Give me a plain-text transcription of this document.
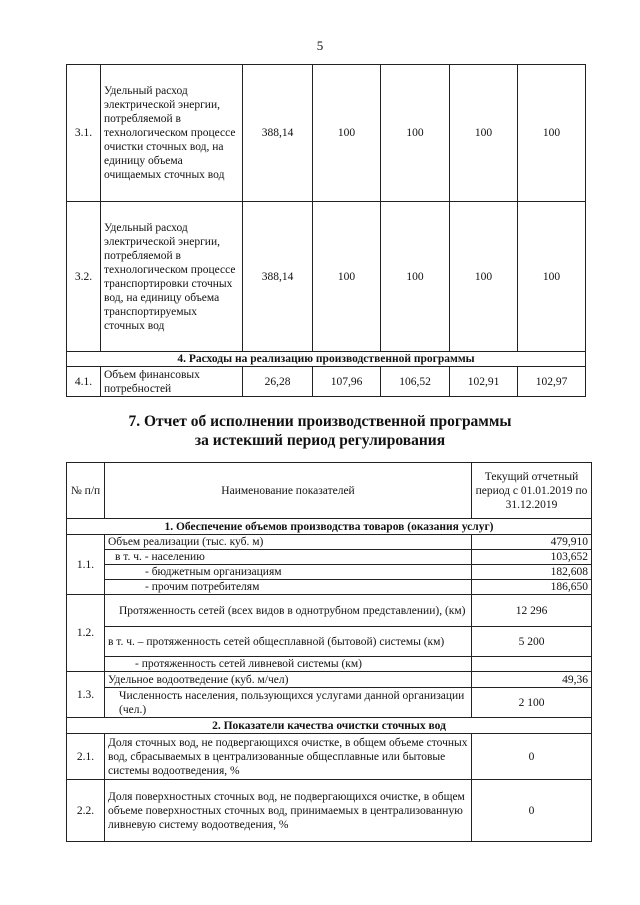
5
3.1.	Удельный расход электрической энергии, потребляемой в технологическом процессе очистки сточных вод, на единицу объема очищаемых сточных вод	388,14	100	100	100	100
3.2.	Удельный расход электрической энергии, потребляемой в технологическом процессе транспортировки сточных вод, на единицу объема транспортируемых сточных вод	388,14	100	100	100	100
4. Расходы на реализацию производственной программы						
4.1.	Объем финансовых потребностей	26,28	107,96	106,52	102,91	102,97
7. Отчет об исполнении производственной программы
за истекший период регулирования
№ п/п	Наименование показателей	Текущий отчетный период с 01.01.2019 по 31.12.2019
1. Обеспечение объемов производства товаров (оказания услуг)		
1.1.	Объем реализации (тыс. куб. м)	479,910
	в т. ч. - населению	103,652
	- бюджетным организациям	182,608
	- прочим потребителям	186,650
1.2.	Протяженность сетей (всех видов в однотрубном представлении), (км)	12 296
	в т. ч. – протяженность сетей общесплавной (бытовой) системы (км)	5 200
	- протяженность сетей ливневой системы (км)	
1.3.	Удельное водоотведение (куб. м/чел)	49,36
	Численность населения, пользующихся услугами данной организации (чел.)	2 100
2. Показатели качества очистки сточных вод		
2.1.	Доля сточных вод, не подвергающихся очистке, в общем объеме сточных вод, сбрасываемых в централизованные общесплавные или бытовые системы водоотведения, %	0
2.2.	Доля поверхностных сточных вод, не подвергающихся очистке, в общем объеме поверхностных сточных вод, принимаемых в централизованную ливневую систему водоотведения, %	0
